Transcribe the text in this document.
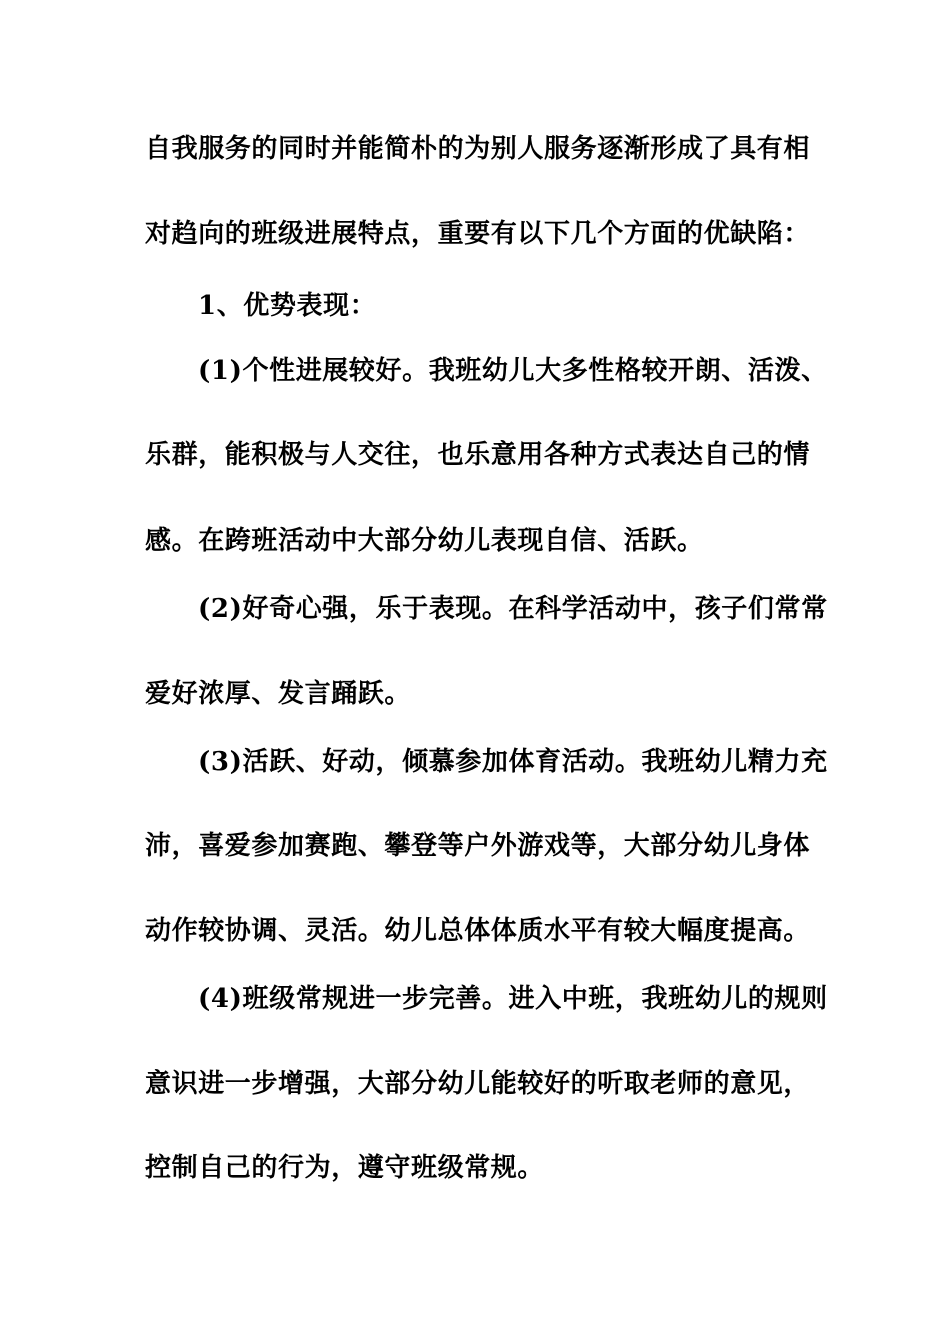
自我服务的同时并能简朴的为别人服务逐渐形成了具有相
对趋向的班级进展特点，重要有以下几个方面的优缺陷：
1、优势表现：
(1)个性进展较好。我班幼儿大多性格较开朗、活泼、
乐群，能积极与人交往，也乐意用各种方式表达自己的情
感。在跨班活动中大部分幼儿表现自信、活跃。
(2)好奇心强，乐于表现。在科学活动中，孩子们常常
爱好浓厚、发言踊跃。
(3)活跃、好动，倾慕参加体育活动。我班幼儿精力充
沛，喜爱参加赛跑、攀登等户外游戏等，大部分幼儿身体
动作较协调、灵活。幼儿总体体质水平有较大幅度提高。
(4)班级常规进一步完善。进入中班，我班幼儿的规则
意识进一步增强，大部分幼儿能较好的听取老师的意见，
控制自己的行为，遵守班级常规。
